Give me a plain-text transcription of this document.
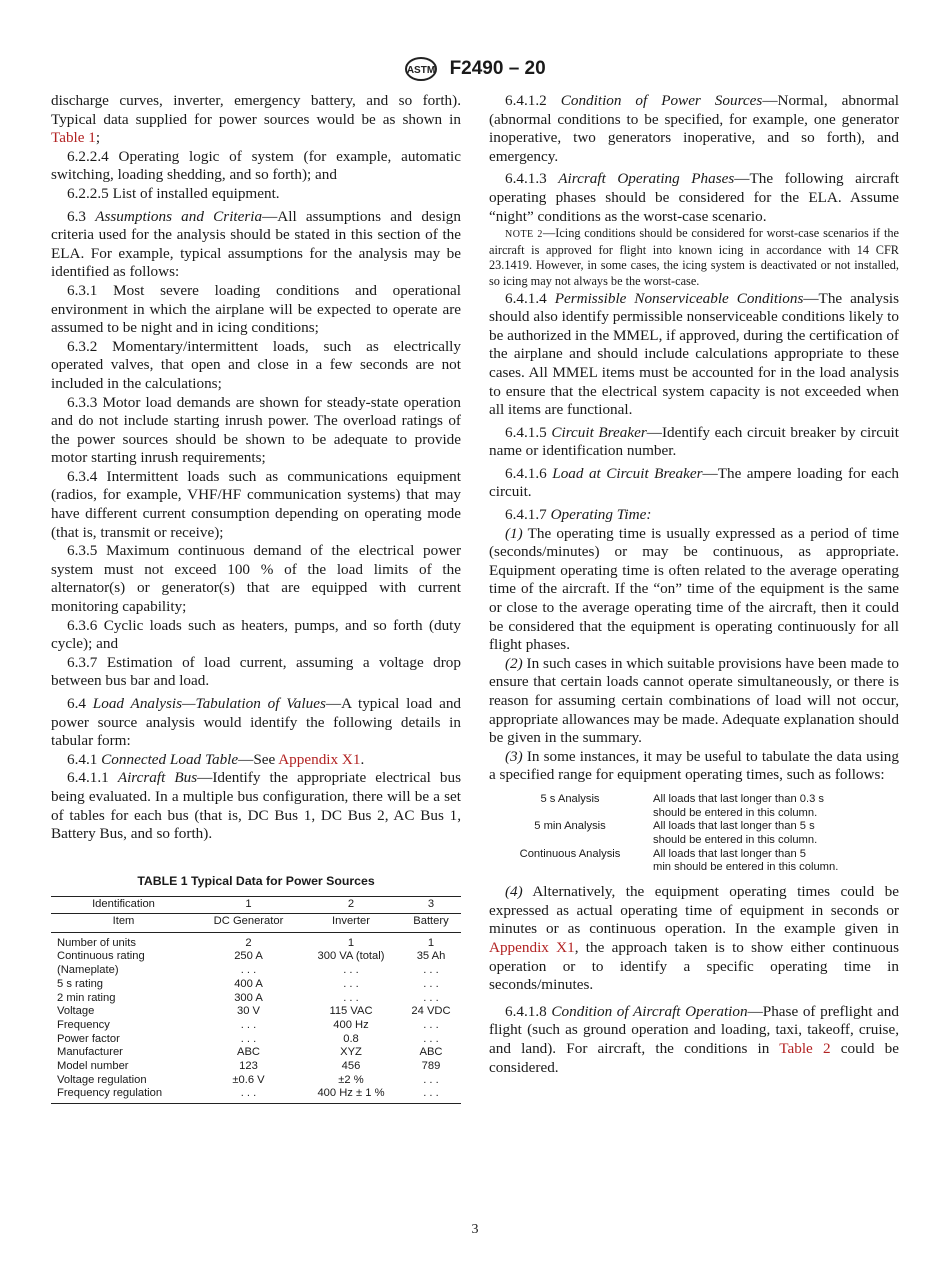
ASTM F2490 – 20

discharge curves, inverter, emergency battery, and so forth). Typical data supplied for power sources would be as shown in Table 1;

6.2.2.4 Operating logic of system (for example, automatic switching, loading shedding, and so forth); and

6.2.2.5 List of installed equipment.

6.3 Assumptions and Criteria—All assumptions and design criteria used for the analysis should be stated in this section of the ELA. For example, typical assumptions for the analysis may be identified as follows:

6.3.1 Most severe loading conditions and operational environment in which the airplane will be expected to operate are assumed to be night and in icing conditions;

6.3.2 Momentary/intermittent loads, such as electrically operated valves, that open and close in a few seconds are not included in the calculations;

6.3.3 Motor load demands are shown for steady-state operation and do not include starting inrush power. The overload ratings of the power sources should be shown to be adequate to provide motor starting inrush requirements;

6.3.4 Intermittent loads such as communications equipment (radios, for example, VHF/HF communication systems) that may have different current consumption depending on operating mode (that is, transmit or receive);

6.3.5 Maximum continuous demand of the electrical power system must not exceed 100 % of the load limits of the alternator(s) or generator(s) that are equipped with current monitoring capability;

6.3.6 Cyclic loads such as heaters, pumps, and so forth (duty cycle); and

6.3.7 Estimation of load current, assuming a voltage drop between bus bar and load.

6.4 Load Analysis—Tabulation of Values—A typical load and power source analysis would identify the following details in tabular form:

6.4.1 Connected Load Table—See Appendix X1.

6.4.1.1 Aircraft Bus—Identify the appropriate electrical bus being evaluated. In a multiple bus configuration, there will be a set of tables for each bus (that is, DC Bus 1, DC Bus 2, AC Bus 1, Battery Bus, and so forth).

TABLE 1 Typical Data for Power Sources
Identification	1	2	3
Item	DC Generator	Inverter	Battery
Number of units	2	1	1
Continuous rating	250 A	300 VA (total)	35 Ah
(Nameplate)	. . .	. . .	. . .
5 s rating	400 A	. . .	. . .
2 min rating	300 A	. . .	. . .
Voltage	30 V	115 VAC	24 VDC
Frequency	. . .	400 Hz	. . .
Power factor	. . .	0.8	. . .
Manufacturer	ABC	XYZ	ABC
Model number	123	456	789
Voltage regulation	±0.6 V	±2 %	. . .
Frequency regulation	. . .	400 Hz ± 1 %	. . .

6.4.1.2 Condition of Power Sources—Normal, abnormal (abnormal conditions to be specified, for example, one generator inoperative, two generators inoperative, and so forth), and emergency.

6.4.1.3 Aircraft Operating Phases—The following aircraft operating phases should be considered for the ELA. Assume “night” conditions as the worst-case scenario.

NOTE 2—Icing conditions should be considered for worst-case scenarios if the aircraft is approved for flight into known icing in accordance with 14 CFR 23.1419. However, in some cases, the icing system is deactivated or not installed, so icing may not always be the worst-case.

6.4.1.4 Permissible Nonserviceable Conditions—The analysis should also identify permissible nonserviceable conditions likely to be authorized in the MMEL, if approved, during the certification of the airplane and should include calculations appropriate to these cases. All MMEL items must be accounted for in the load analysis to ensure that the electrical system capacity is not exceeded when all items are functional.

6.4.1.5 Circuit Breaker—Identify each circuit breaker by circuit name or identification number.

6.4.1.6 Load at Circuit Breaker—The ampere loading for each circuit.

6.4.1.7 Operating Time:

(1) The operating time is usually expressed as a period of time (seconds/minutes) or may be continuous, as appropriate. Equipment operating time is often related to the average operating time of the aircraft. If the “on” time of the equipment is the same or close to the average operating time of the aircraft, then it could be considered that the equipment is operating continuously for all flight phases.

(2) In such cases in which suitable provisions have been made to ensure that certain loads cannot operate simultaneously, or there is reason for assuming certain combinations of load will not occur, appropriate allowances may be made. Adequate explanation should be given in the summary.

(3) In some instances, it may be useful to tabulate the data using a specified range for equipment operating times, such as follows:

5 s Analysis	All loads that last longer than 0.3 s
should be entered in this column.
5 min Analysis	All loads that last longer than 5 s
should be entered in this column.
Continuous Analysis	All loads that last longer than 5
min should be entered in this column.

(4) Alternatively, the equipment operating times could be expressed as actual operating time of equipment in seconds or minutes or as continuous operation. In the example given in Appendix X1, the approach taken is to show either continuous operation or to identify a specific operating time in seconds/minutes.

6.4.1.8 Condition of Aircraft Operation—Phase of preflight and flight (such as ground operation and loading, taxi, takeoff, cruise, and land). For aircraft, the conditions in Table 2 could be considered.

3
